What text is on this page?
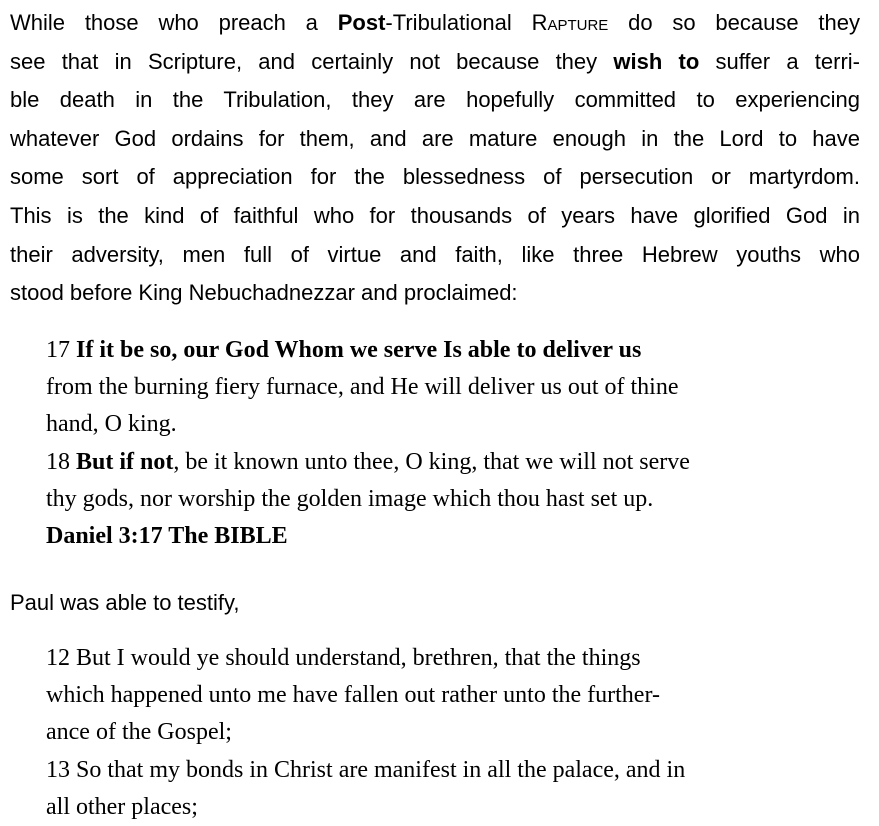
While those who preach a Post-Tribulational Rapture do so because they
see that in Scripture, and certainly not because they wish to suffer a terri-
ble death in the Tribulation, they are hopefully committed to experiencing
whatever God ordains for them, and are mature enough in the Lord to have
some sort of appreciation for the blessedness of persecution or martyrdom.
This is the kind of faithful who for thousands of years have glorified God in
their adversity, men full of virtue and faith, like three Hebrew youths who
stood before King Nebuchadnezzar and proclaimed:
17 If it be so, our God Whom we serve Is able to deliver us
from the burning fiery furnace, and He will deliver us out of thine
hand, O king.
18 But if not, be it known unto thee, O king, that we will not serve
thy gods, nor worship the golden image which thou hast set up.
Daniel 3:17 The BIBLE
Paul was able to testify,
12 But I would ye should understand, brethren, that the things
which happened unto me have fallen out rather unto the further-
ance of the Gospel;
13 So that my bonds in Christ are manifest in all the palace, and in
all other places;
